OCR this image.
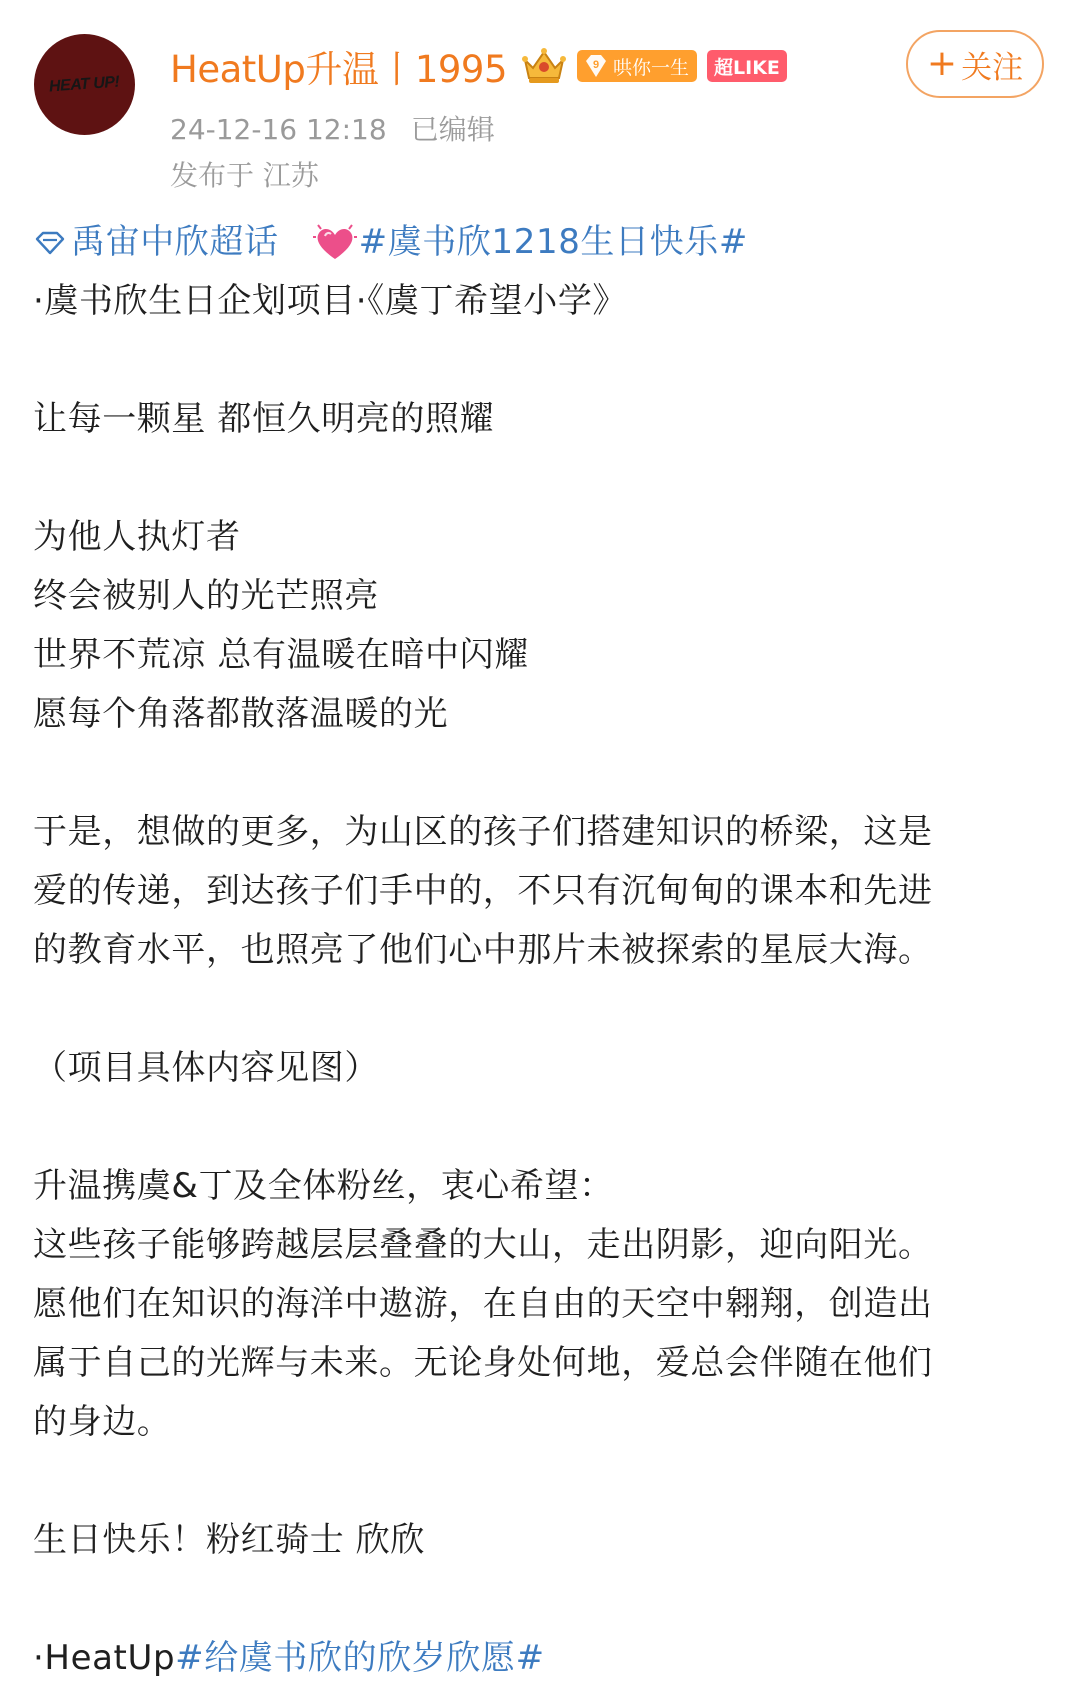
HEAT UP! HeatUp升温丨1995	9 哄你一生	超LIKE	+ 关注
24-12-16 12:18 已编辑
发布于 江苏
禹宙中欣超话 #虞书欣1218生日快乐#
·虞书欣生日企划项目·《虞丁希望小学》
让每一颗星 都恒久明亮的照耀
为他人执灯者
终会被别人的光芒照亮
世界不荒凉 总有温暖在暗中闪耀
愿每个角落都散落温暖的光
于是，想做的更多，为山区的孩子们搭建知识的桥梁，这是
爱的传递，到达孩子们手中的，不只有沉甸甸的课本和先进
的教育水平，也照亮了他们心中那片未被探索的星辰大海。
（项目具体内容见图）
升温携虞&丁及全体粉丝，衷心希望：
这些孩子能够跨越层层叠叠的大山，走出阴影，迎向阳光。
愿他们在知识的海洋中遨游，在自由的天空中翱翔，创造出
属于自己的光辉与未来。无论身处何地，爱总会伴随在他们
的身边。
生日快乐！粉红骑士 欣欣
·HeatUp#给虞书欣的欣岁欣愿#
